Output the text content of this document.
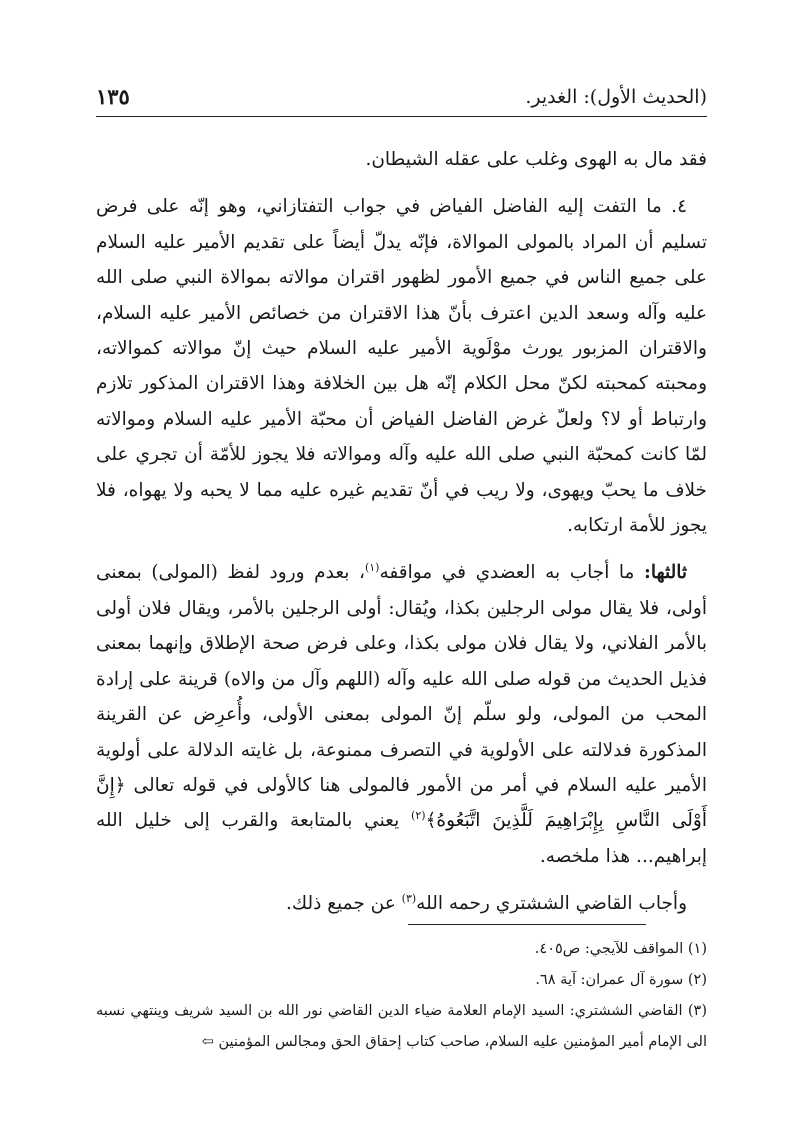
(الحديث الأول): الغدير.
١٣٥

فقد مال به الهوى وغلب على عقله الشيطان.

٤. ما التفت إليه الفاضل الفياض في جواب التفتازاني، وهو إنّه على فرض تسليم أن المراد بالمولى الموالاة، فإنّه يدلّ أيضاً على تقديم الأمير عليه السلام على جميع الناس في جميع الأمور لظهور اقتران موالاته بموالاة النبي صلى الله عليه وآله وسعد الدين اعترف بأنّ هذا الاقتران من خصائص الأمير عليه السلام، والاقتران المزبور يورث موْلَوية الأمير عليه السلام حيث إنّ موالاته كموالاته، ومحبته كمحبته لكنّ محل الكلام إنّه هل بين الخلافة وهذا الاقتران المذكور تلازم وارتباط أو لا؟ ولعلّ غرض الفاضل الفياض أن محبّة الأمير عليه السلام وموالاته لمّا كانت كمحبّة النبي صلى الله عليه وآله وموالاته فلا يجوز للأمّة أن تجري على خلاف ما يحبّ ويهوى، ولا ريب في أنّ تقديم غيره عليه مما لا يحبه ولا يهواه، فلا يجوز للأمة ارتكابه.

ثالثها: ما أجاب به العضدي في مواقفه$^{(١)}$، بعدم ورود لفظ (المولى) بمعنى أولى، فلا يقال مولى الرجلين بكذا، ويُقال: أولى الرجلين بالأمر، ويقال فلان أولى بالأمر الفلاني، ولا يقال فلان مولى بكذا، وعلى فرض صحة الإطلاق وإنهما بمعنى فذيل الحديث من قوله صلى الله عليه وآله (اللهم وآل من والاه) قرينة على إرادة المحب من المولى، ولو سلّم إنّ المولى بمعنى الأولى، وأُعرِض عن القرينة المذكورة فدلالته على الأولوية في التصرف ممنوعة، بل غايته الدلالة على أولوية الأمير عليه السلام في أمر من الأمور فالمولى هنا كالأولى في قوله تعالى ﴿إِنَّ أَوْلَى النَّاسِ بِإِبْرَاهِيمَ لَلَّذِينَ اتَّبَعُوهُ﴾$^{(٢)}$ يعني بالمتابعة والقرب إلى خليل الله إبراهيم... هذا ملخصه.

وأجاب القاضي الششتري رحمه الله$^{(٣)}$ عن جميع ذلك.

(١) المواقف للآيجي: ص٤٠٥.

(٢) سورة آل عمران: آية ٦٨.

(٣) القاضي الششتري: السيد الإمام العلامة ضياء الدين القاضي نور الله بن السيد شريف وينتهي نسبه الى الإمام أمير المؤمنين عليه السلام، صاحب كتاب إحقاق الحق ومجالس المؤمنين ⇦
